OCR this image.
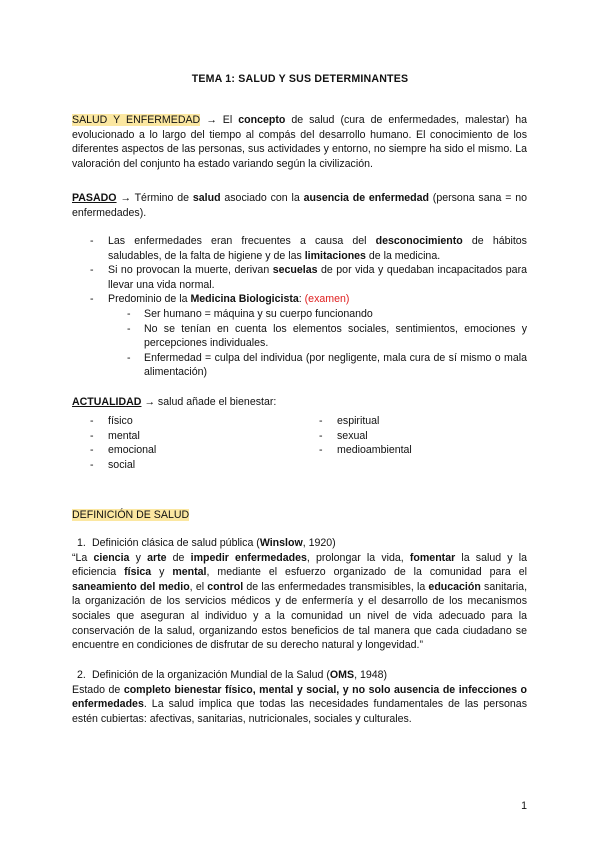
TEMA 1: SALUD Y SUS DETERMINANTES
SALUD Y ENFERMEDAD → El concepto de salud (cura de enfermedades, malestar) ha evolucionado a lo largo del tiempo al compás del desarrollo humano. El conocimiento de los diferentes aspectos de las personas, sus actividades y entorno, no siempre ha sido el mismo. La valoración del conjunto ha estado variando según la civilización.
PASADO → Término de salud asociado con la ausencia de enfermedad (persona sana = no enfermedades).
- Las enfermedades eran frecuentes a causa del desconocimiento de hábitos saludables, de la falta de higiene y de las limitaciones de la medicina.
- Si no provocan la muerte, derivan secuelas de por vida y quedaban incapacitados para llevar una vida normal.
- Predominio de la Medicina Biologicista: (examen)
- Ser humano = máquina y su cuerpo funcionando
- No se tenían en cuenta los elementos sociales, sentimientos, emociones y percepciones individuales.
- Enfermedad = culpa del individua (por negligente, mala cura de sí mismo o mala alimentación)
ACTUALIDAD → salud añade el bienestar:
- físico
- mental
- emocional
- social
- espiritual
- sexual
- medioambiental
DEFINICIÓN DE SALUD
1. Definición clásica de salud pública (Winslow, 1920)
“La ciencia y arte de impedir enfermedades, prolongar la vida, fomentar la salud y la eficiencia física y mental, mediante el esfuerzo organizado de la comunidad para el saneamiento del medio, el control de las enfermedades transmisibles, la educación sanitaria, la organización de los servicios médicos y de enfermería y el desarrollo de los mecanismos sociales que aseguran al individuo y a la comunidad un nivel de vida adecuado para la conservación de la salud, organizando estos beneficios de tal manera que cada ciudadano se encuentre en condiciones de disfrutar de su derecho natural y longevidad.”
2. Definición de la organización Mundial de la Salud (OMS, 1948)
Estado de completo bienestar físico, mental y social, y no solo ausencia de infecciones o enfermedades. La salud implica que todas las necesidades fundamentales de las personas estén cubiertas: afectivas, sanitarias, nutricionales, sociales y culturales.
1
